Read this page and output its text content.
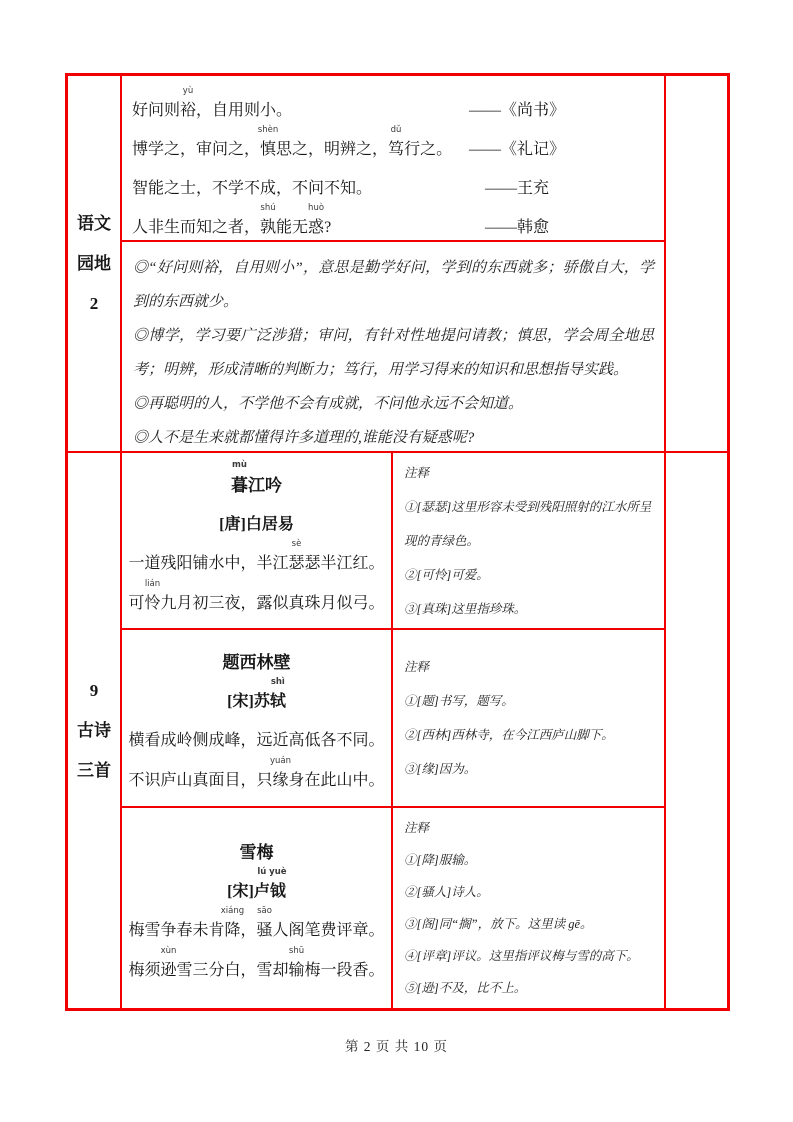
语文
园地
2
好问则
yù
裕 ，自用则小。	——《尚书》
博学之，审问之，
shèn
慎 思之，明辨之，
dǔ
笃 行之。 ——《礼记》
智能之士，不学不成，不问不知。	——王充
人非生而知之者，
shú
孰 能无
huò
惑 ?	——韩愈

◎“好问则裕，自用则小”，意思是勤学好问，学到的东西就多；骄傲自大，学到的东西就少。

◎博学，学习要广泛涉猎；审问，有针对性地提问请教；慎思，学会周全地思考；明辨，形成清晰的判断力；笃行，用学习得来的知识和思想指导实践。

◎再聪明的人，不学他不会有成就，不问他永远不会知道。

◎人不是生来就都懂得许多道理的,谁能没有疑惑呢?

9
古诗
三首
mù
暮 江吟
[唐]白居易
一道残阳铺水中，半江
sè
瑟 瑟半江红。
可
lián
怜 九月初三夜，露似真珠月似弓。
注释
①[瑟瑟]这里形容未受到残阳照射的江水所呈现的青绿色。
②[可怜]可爱。
③[真珠]这里指珍珠。
题西林壁
[宋]苏
shì
轼
横看成岭侧成峰，远近高低各不同。
不识庐山真面目，只
yuán
缘 身在此山中。
注释
①[题]书写，题写。
②[西林]西林寺，在今江西庐山脚下。
③[缘]因为。
雪梅
[宋]
lú
卢
yuè
钺
梅雪争春未肯
xiáng
降 ，
sāo
骚 人阁笔费评章。
梅须
xùn
逊 雪三分白，雪却
shū
输 梅一段香。
注释
①[降]服输。
②[骚人]诗人。
③[阁]同“搁”，放下。这里读 gē。
④[评章]评议。这里指评议梅与雪的高下。
⑤[逊]不及，比不上。
第 2 页 共 10 页
